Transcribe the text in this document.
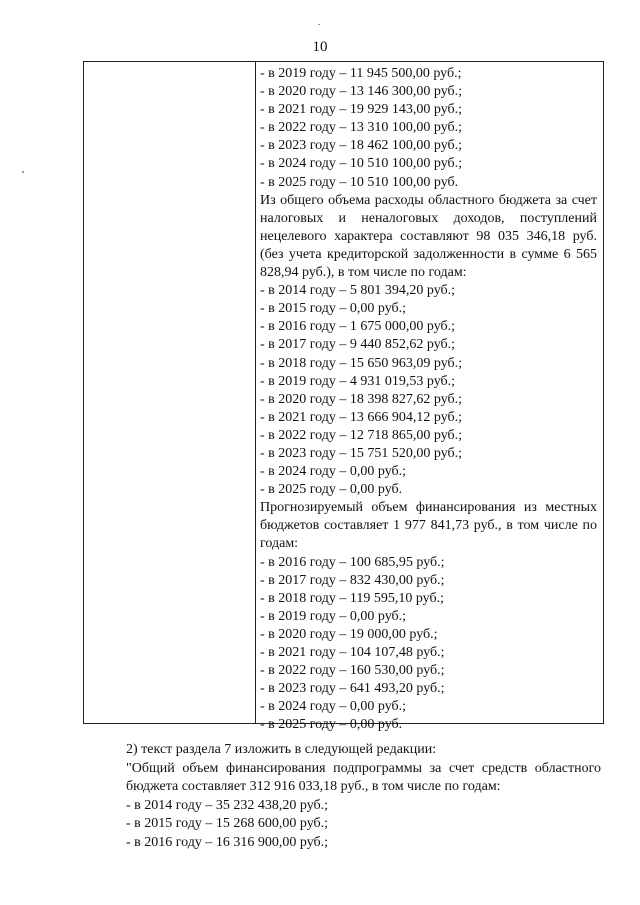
10
- в 2019 году – 11 945 500,00 руб.;
- в 2020 году – 13 146 300,00 руб.;
- в 2021 году – 19 929 143,00 руб.;
- в 2022 году – 13 310 100,00 руб.;
- в 2023 году – 18 462 100,00 руб.;
- в 2024 году – 10 510 100,00 руб.;
- в 2025 году – 10 510 100,00 руб.
Из общего объема расходы областного бюджета за счет налоговых и неналоговых доходов, поступлений нецелевого характера составляют 98 035 346,18 руб. (без учета кредиторской задолженности в сумме 6 565 828,94 руб.), в том числе по годам:
- в 2014 году – 5 801 394,20 руб.;
- в 2015 году – 0,00 руб.;
- в 2016 году – 1 675 000,00 руб.;
- в 2017 году – 9 440 852,62 руб.;
- в 2018 году – 15 650 963,09 руб.;
- в 2019 году – 4 931 019,53 руб.;
- в 2020 году – 18 398 827,62 руб.;
- в 2021 году – 13 666 904,12 руб.;
- в 2022 году – 12 718 865,00 руб.;
- в 2023 году – 15 751 520,00 руб.;
- в 2024 году – 0,00 руб.;
- в 2025 году – 0,00 руб.
Прогнозируемый объем финансирования из местных бюджетов составляет 1 977 841,73 руб., в том числе по годам:
- в 2016 году – 100 685,95 руб.;
- в 2017 году – 832 430,00 руб.;
- в 2018 году – 119 595,10 руб.;
- в 2019 году – 0,00 руб.;
- в 2020 году – 19 000,00 руб.;
- в 2021 году – 104 107,48 руб.;
- в 2022 году – 160 530,00 руб.;
- в 2023 году – 641 493,20 руб.;
- в 2024 году – 0,00 руб.;
- в 2025 году – 0,00 руб.
2) текст раздела 7 изложить в следующей редакции:
"Общий объем финансирования подпрограммы за счет средств областного бюджета составляет 312 916 033,18 руб., в том числе по годам:
- в 2014 году – 35 232 438,20 руб.;
- в 2015 году – 15 268 600,00 руб.;
- в 2016 году – 16 316 900,00 руб.;
